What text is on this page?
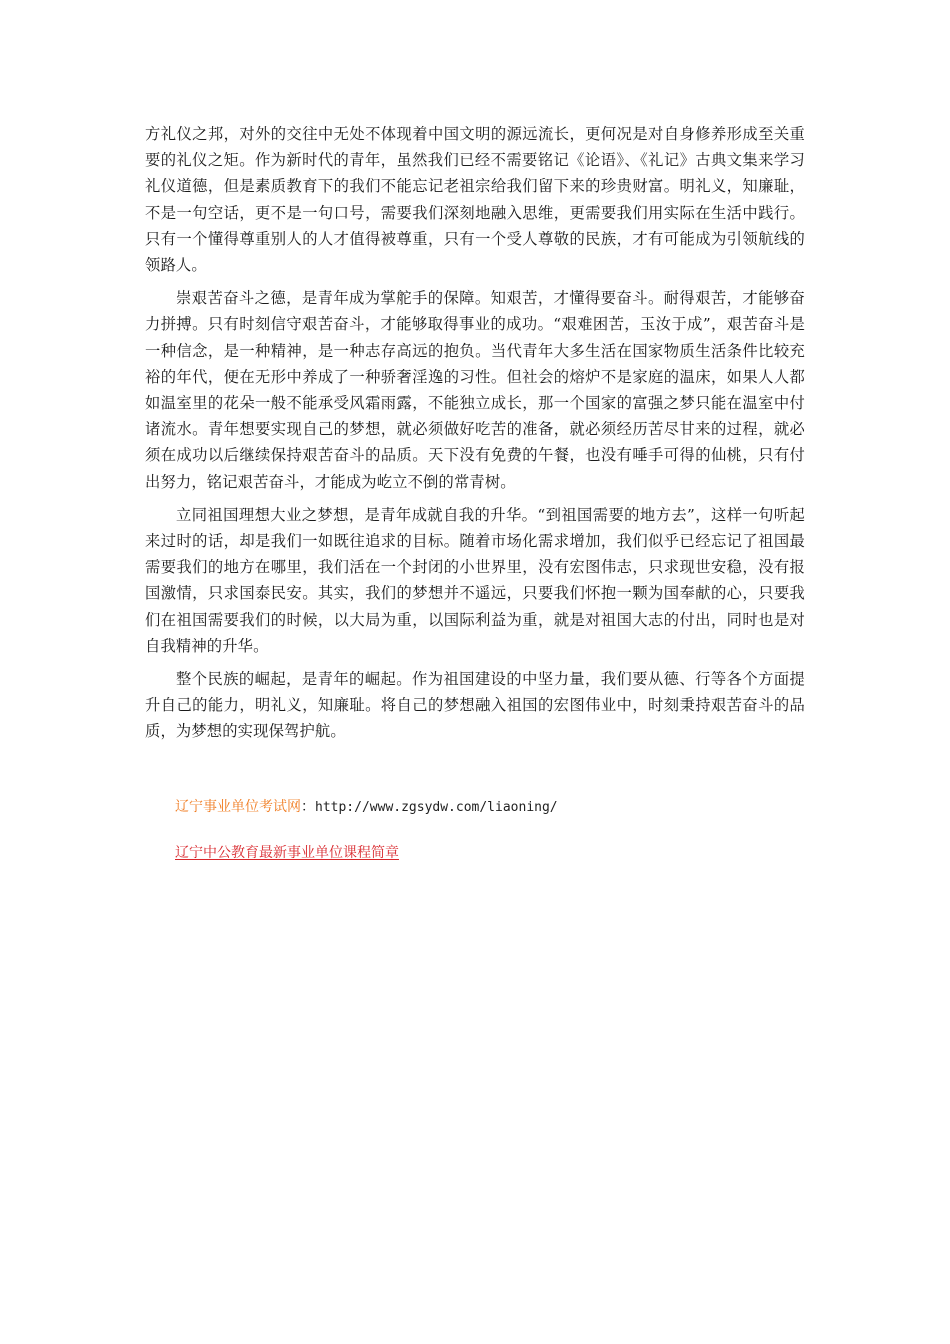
方礼仪之邦，对外的交往中无处不体现着中国文明的源远流长，更何况是对自身修养形成至关重要的礼仪之矩。作为新时代的青年，虽然我们已经不需要铭记《论语》、《礼记》古典文集来学习礼仪道德，但是素质教育下的我们不能忘记老祖宗给我们留下来的珍贵财富。明礼义，知廉耻，不是一句空话，更不是一句口号，需要我们深刻地融入思维，更需要我们用实际在生活中践行。只有一个懂得尊重别人的人才值得被尊重，只有一个受人尊敬的民族，才有可能成为引领航线的领路人。

崇艰苦奋斗之德，是青年成为掌舵手的保障。知艰苦，才懂得要奋斗。耐得艰苦，才能够奋力拼搏。只有时刻信守艰苦奋斗，才能够取得事业的成功。“艰难困苦，玉汝于成”，艰苦奋斗是一种信念，是一种精神，是一种志存高远的抱负。当代青年大多生活在国家物质生活条件比较充裕的年代，便在无形中养成了一种骄奢淫逸的习性。但社会的熔炉不是家庭的温床，如果人人都如温室里的花朵一般不能承受风霜雨露，不能独立成长，那一个国家的富强之梦只能在温室中付诸流水。青年想要实现自己的梦想，就必须做好吃苦的准备，就必须经历苦尽甘来的过程，就必须在成功以后继续保持艰苦奋斗的品质。天下没有免费的午餐，也没有唾手可得的仙桃，只有付出努力，铭记艰苦奋斗，才能成为屹立不倒的常青树。

立同祖国理想大业之梦想，是青年成就自我的升华。“到祖国需要的地方去”，这样一句听起来过时的话，却是我们一如既往追求的目标。随着市场化需求增加，我们似乎已经忘记了祖国最需要我们的地方在哪里，我们活在一个封闭的小世界里，没有宏图伟志，只求现世安稳，没有报国激情，只求国泰民安。其实，我们的梦想并不遥远，只要我们怀抱一颗为国奉献的心，只要我们在祖国需要我们的时候，以大局为重，以国际利益为重，就是对祖国大志的付出，同时也是对自我精神的升华。

整个民族的崛起，是青年的崛起。作为祖国建设的中坚力量，我们要从德、行等各个方面提升自己的能力，明礼义，知廉耻。将自己的梦想融入祖国的宏图伟业中，时刻秉持艰苦奋斗的品质，为梦想的实现保驾护航。

辽宁事业单位考试网：http://www.zgsydw.com/liaoning/
辽宁中公教育最新事业单位课程简章
